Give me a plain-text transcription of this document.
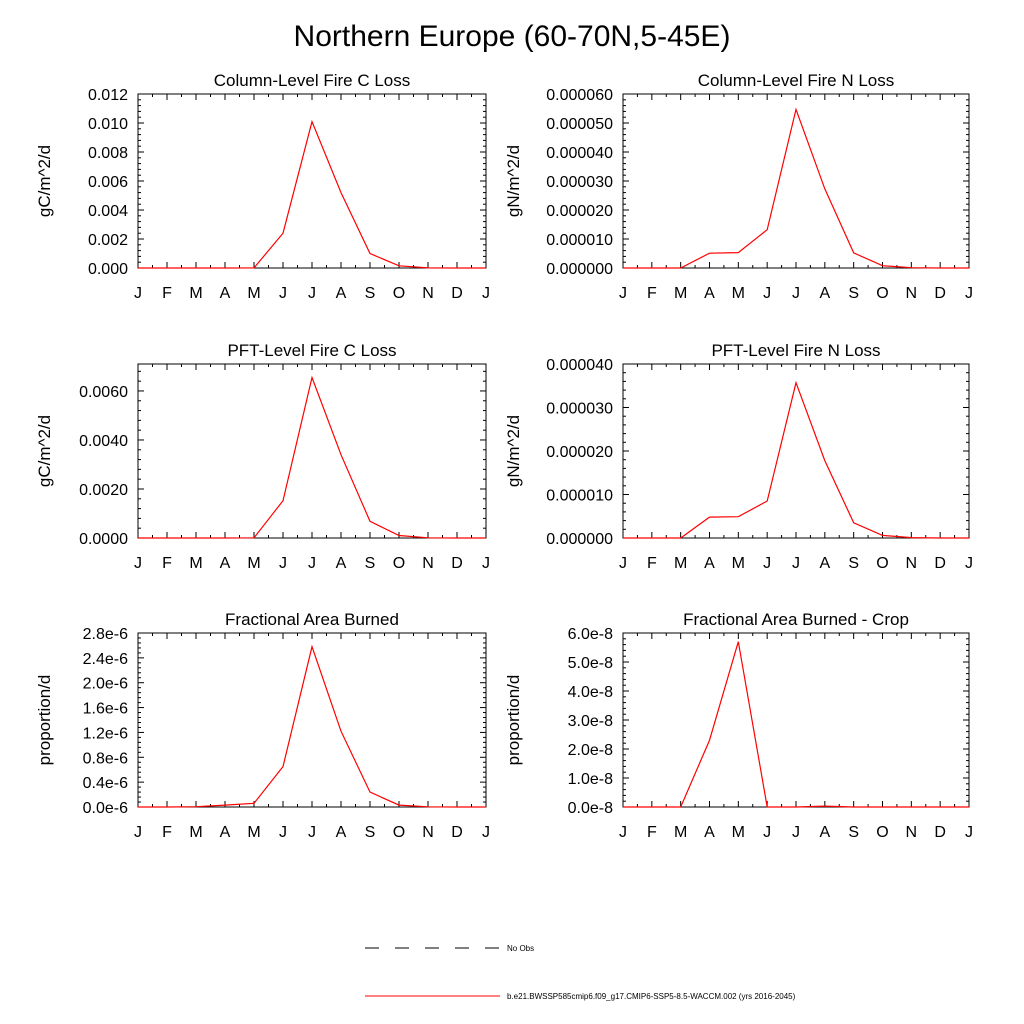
Northern Europe (60-70N,5-45E)
J F M A M J J A S O N D J
0.000
0.002
0.004
0.006
0.008
0.010
0.012
Column-Level Fire C Loss
gC/m^2/d
J F M A M J J A S O N D J
0.000000
0.000010
0.000020
0.000030
0.000040
0.000050
0.000060
Column-Level Fire N Loss
gN/m^2/d
J F M A M J J A S O N D J
0.0000
0.0020
0.0040
0.0060
PFT-Level Fire C Loss
gC/m^2/d
J F M A M J J A S O N D J
0.000000
0.000010
0.000020
0.000030
0.000040
PFT-Level Fire N Loss
gN/m^2/d
J F M A M J J A S O N D J
0.0e-6
0.4e-6
0.8e-6
1.2e-6
1.6e-6
2.0e-6
2.4e-6
2.8e-6
Fractional Area Burned
proportion/d
J F M A M J J A S O N D J
0.0e-8
1.0e-8
2.0e-8
3.0e-8
4.0e-8
5.0e-8
6.0e-8
Fractional Area Burned - Crop
proportion/d
No Obs
b.e21.BWSSP585cmip6.f09_g17.CMIP6-SSP5-8.5-WACCM.002 (yrs 2016-2045)
